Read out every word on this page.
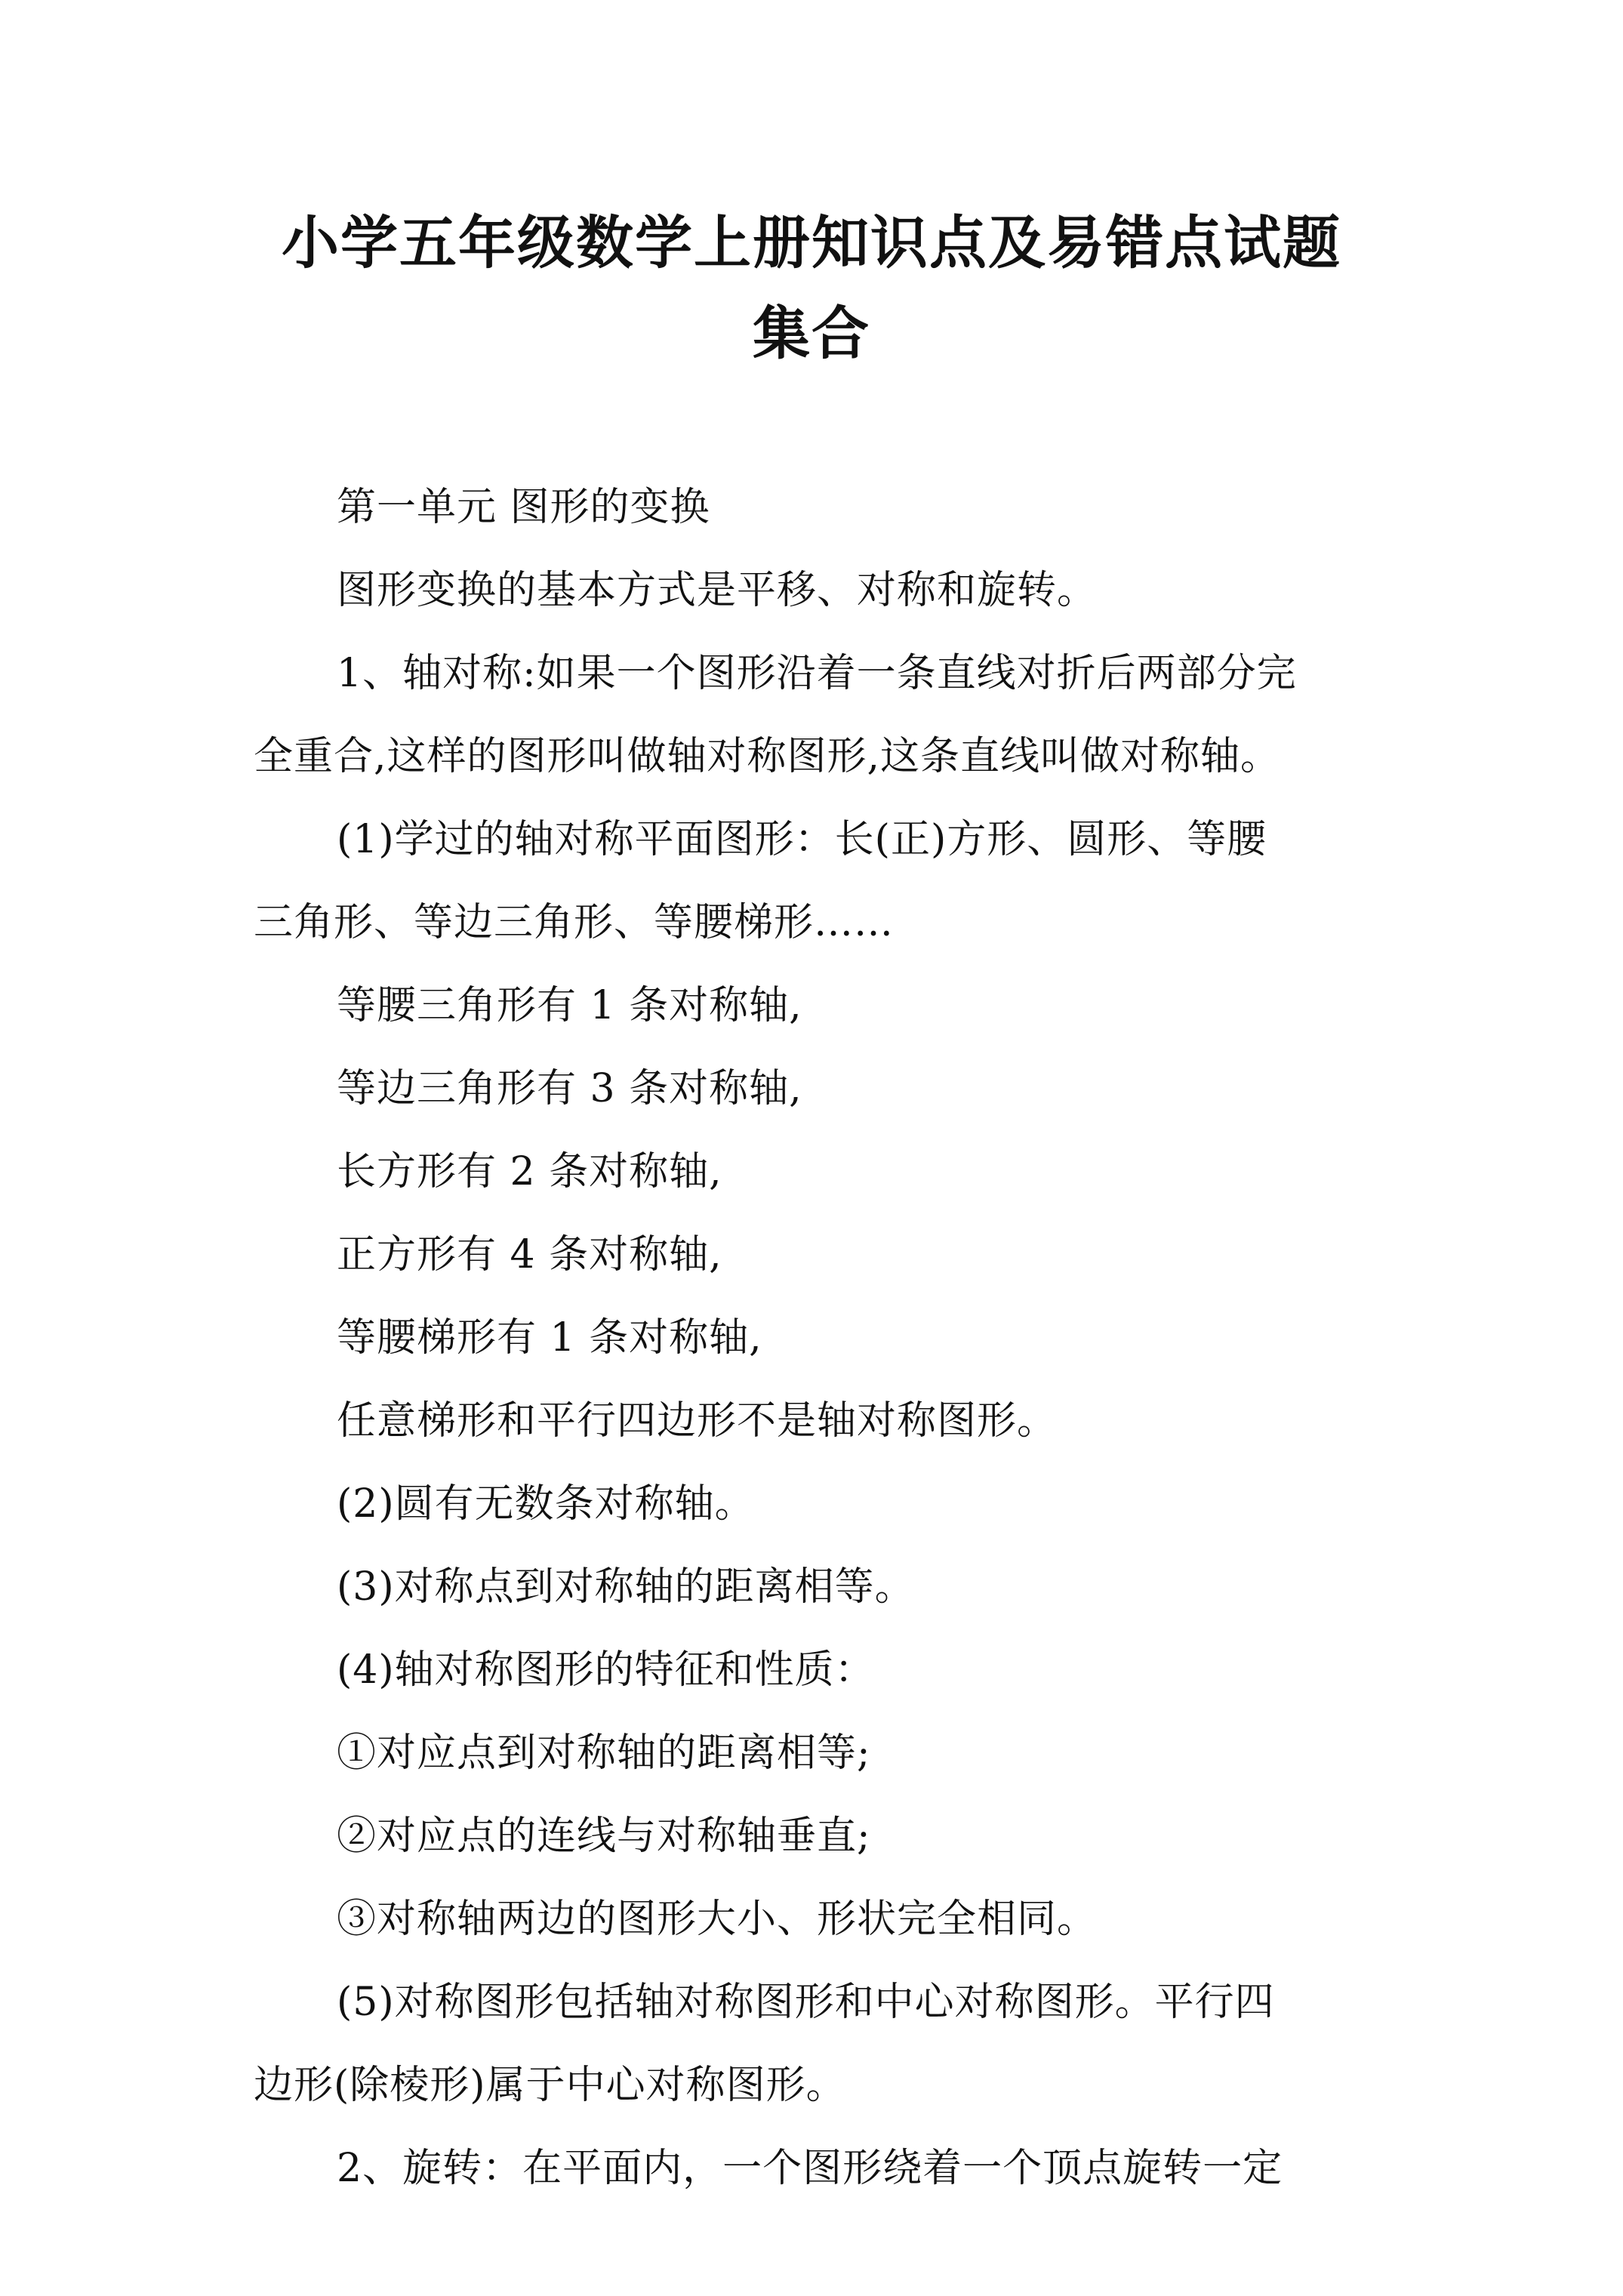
小学五年级数学上册知识点及易错点试题
集合

第一单元 图形的变换

图形变换的基本方式是平移、对称和旋转。

1、轴对称:如果一个图形沿着一条直线对折后两部分完

全重合,这样的图形叫做轴对称图形,这条直线叫做对称轴。

(1)学过的轴对称平面图形：长(正)方形、圆形、等腰

三角形、等边三角形、等腰梯形……

等腰三角形有 1 条对称轴,

等边三角形有 3 条对称轴,

长方形有 2 条对称轴,

正方形有 4 条对称轴,

等腰梯形有 1 条对称轴,

任意梯形和平行四边形不是轴对称图形。

(2)圆有无数条对称轴。

(3)对称点到对称轴的距离相等。

(4)轴对称图形的特征和性质：

①对应点到对称轴的距离相等;

②对应点的连线与对称轴垂直;

③对称轴两边的图形大小、形状完全相同。

(5)对称图形包括轴对称图形和中心对称图形。平行四

边形(除棱形)属于中心对称图形。

2、旋转：在平面内，一个图形绕着一个顶点旋转一定
